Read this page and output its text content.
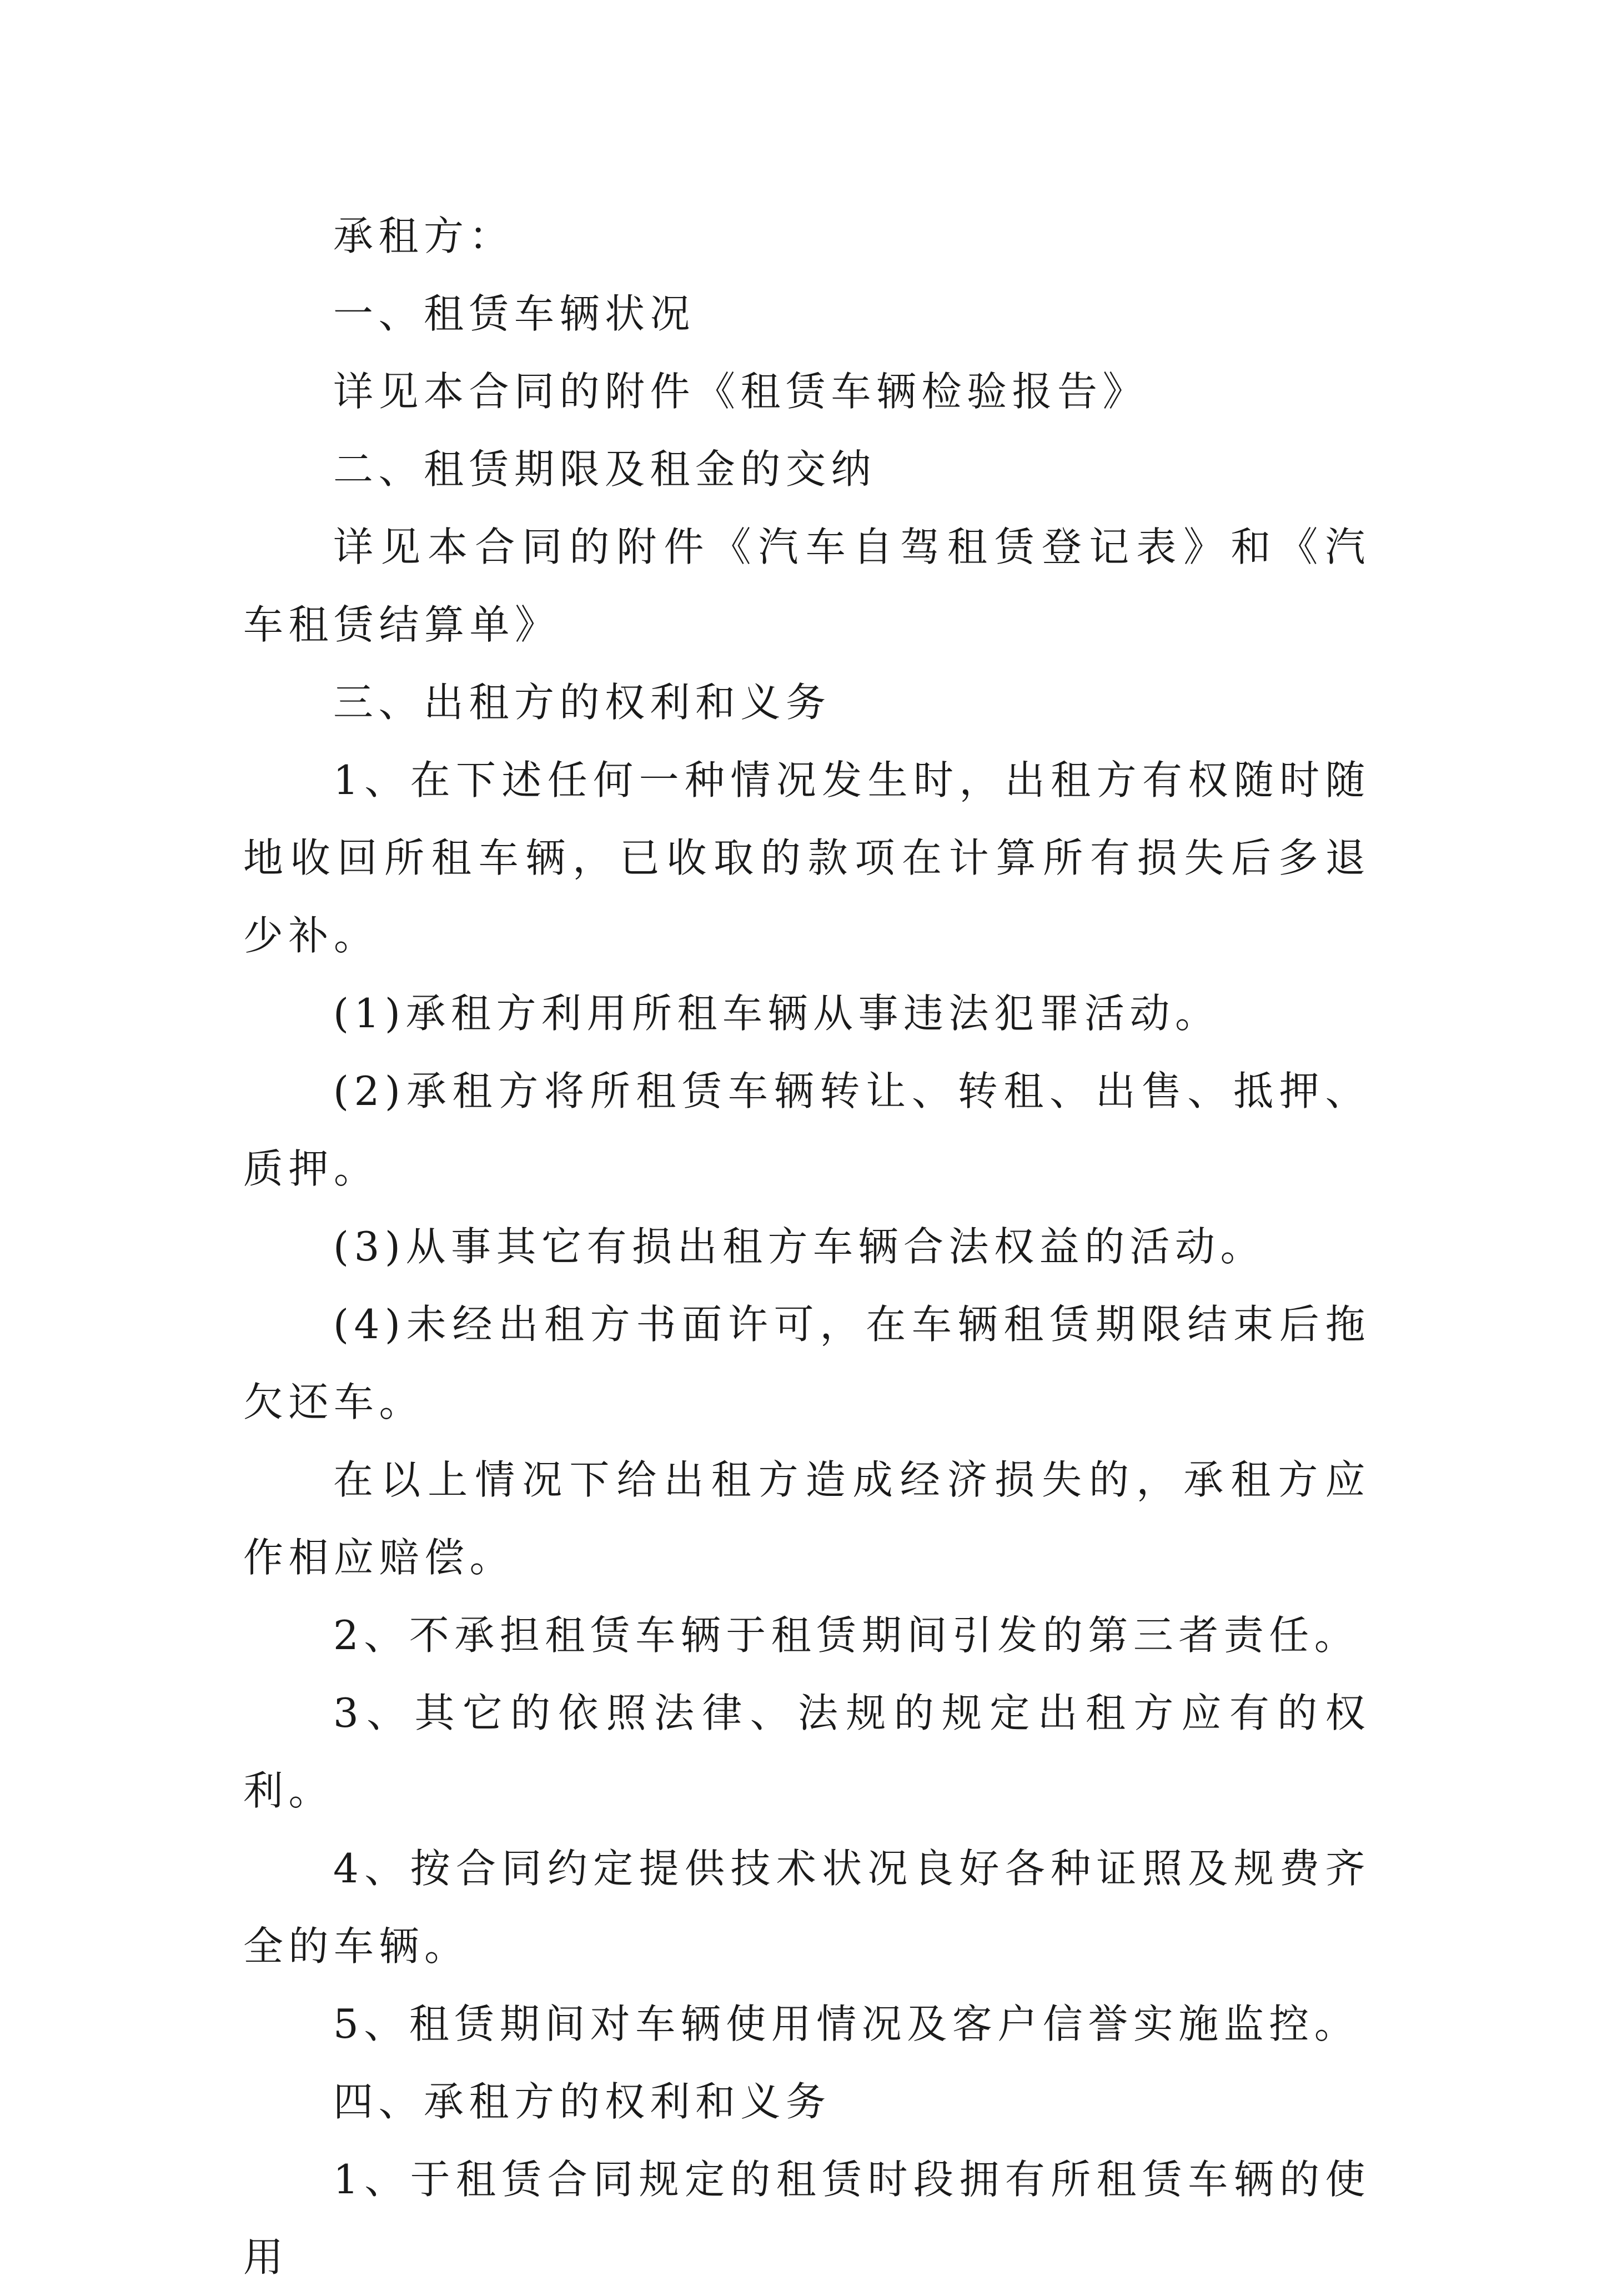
承租方：

一、租赁车辆状况

详见本合同的附件《租赁车辆检验报告》

二、租赁期限及租金的交纳

详见本合同的附件《汽车自驾租赁登记表》和《汽车租赁结算单》

三、出租方的权利和义务

1、在下述任何一种情况发生时，出租方有权随时随地收回所租车辆，已收取的款项在计算所有损失后多退少补。

(1)承租方利用所租车辆从事违法犯罪活动。

(2)承租方将所租赁车辆转让、转租、出售、抵押、质押。

(3)从事其它有损出租方车辆合法权益的活动。

(4)未经出租方书面许可，在车辆租赁期限结束后拖欠还车。

在以上情况下给出租方造成经济损失的，承租方应作相应赔偿。

2、不承担租赁车辆于租赁期间引发的第三者责任。

3、其它的依照法律、法规的规定出租方应有的权利。

4、按合同约定提供技术状况良好各种证照及规费齐全的车辆。

5、租赁期间对车辆使用情况及客户信誉实施监控。

四、承租方的权利和义务

1、于租赁合同规定的租赁时段拥有所租赁车辆的使用
